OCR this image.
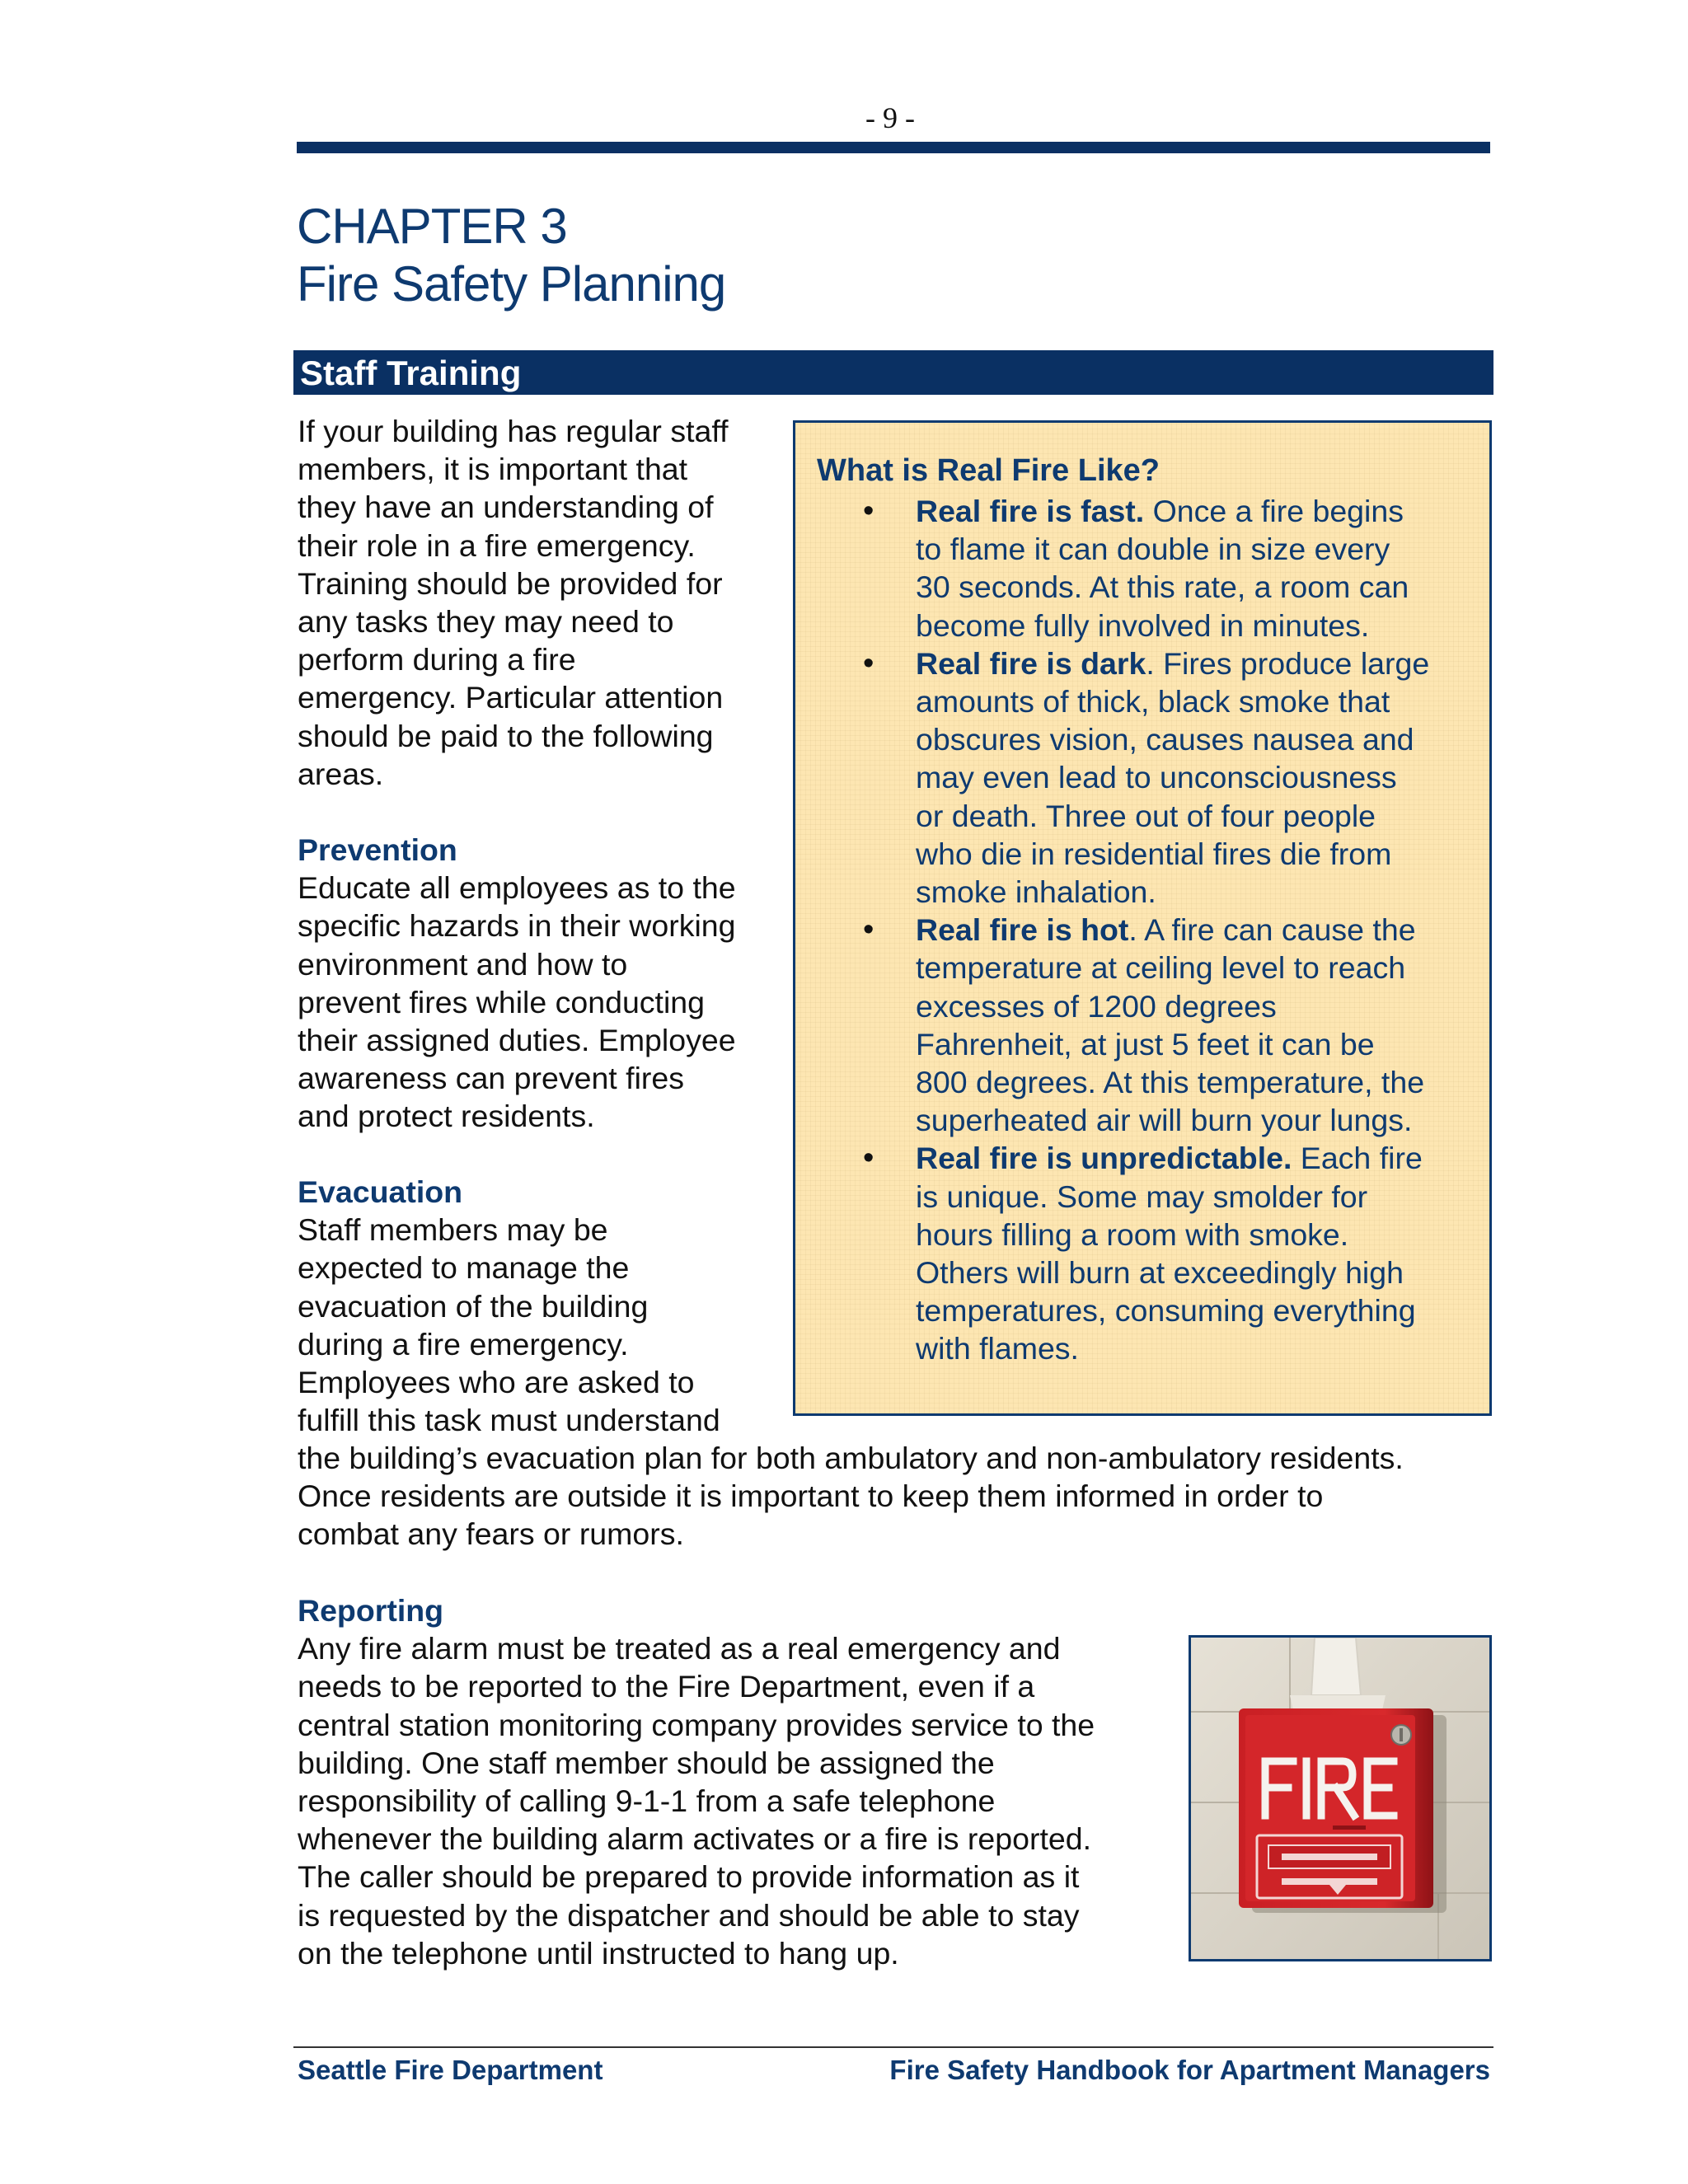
- 9 -
CHAPTER 3
Fire Safety Planning
Staff Training

If your building has regular staff

members, it is important that

they have an understanding of

their role in a fire emergency.

Training should be provided for

any tasks they may need to

perform during a fire

emergency. Particular attention

should be paid to the following

areas.

Prevention

Educate all employees as to the

specific hazards in their working

environment and how to

prevent fires while conducting

their assigned duties. Employee

awareness can prevent fires

and protect residents.

Evacuation

Staff members may be

expected to manage the

evacuation of the building

during a fire emergency.

Employees who are asked to

fulfill this task must understand

the building’s evacuation plan for both ambulatory and non-ambulatory residents.

Once residents are outside it is important to keep them informed in order to

combat any fears or rumors.

Reporting

Any fire alarm must be treated as a real emergency and

needs to be reported to the Fire Department, even if a

central station monitoring company provides service to the

building. One staff member should be assigned the

responsibility of calling 9-1-1 from a safe telephone

whenever the building alarm activates or a fire is reported.

The caller should be prepared to provide information as it

is requested by the dispatcher and should be able to stay

on the telephone until instructed to hang up.

What is Real Fire Like?

• Real fire is fast. Once a fire begins
to flame it can double in size every
30 seconds. At this rate, a room can
become fully involved in minutes.
• Real fire is dark. Fires produce large
amounts of thick, black smoke that
obscures vision, causes nausea and
may even lead to unconsciousness
or death. Three out of four people
who die in residential fires die from
smoke inhalation.
• Real fire is hot. A fire can cause the
temperature at ceiling level to reach
excesses of 1200 degrees
Fahrenheit, at just 5 feet it can be
800 degrees. At this temperature, the
superheated air will burn your lungs.
• Real fire is unpredictable. Each fire
is unique. Some may smolder for
hours filling a room with smoke.
Others will burn at exceedingly high
temperatures, consuming everything
with flames.
Seattle Fire Department	Fire Safety Handbook for Apartment Managers
